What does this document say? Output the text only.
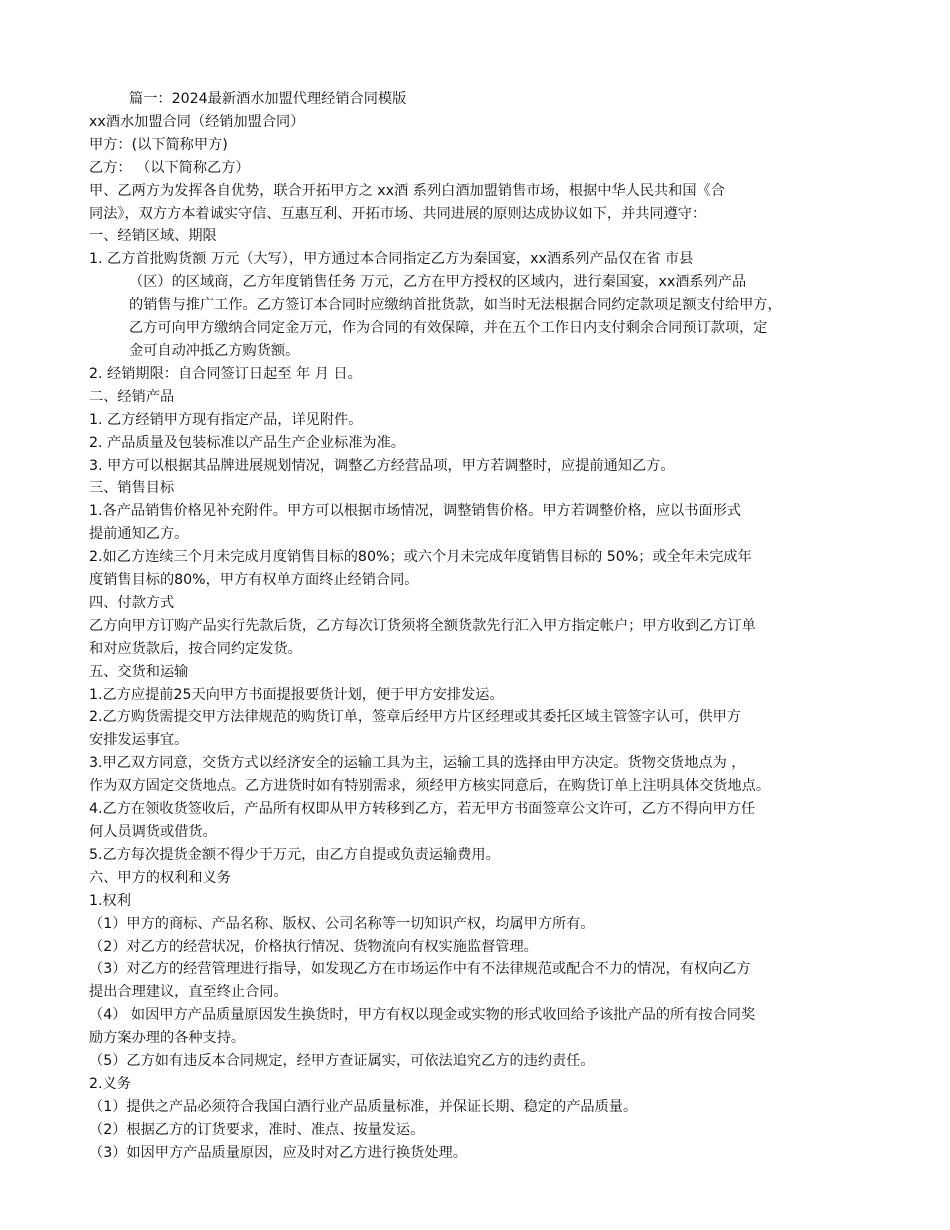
篇一：2024最新酒水加盟代理经销合同模版
xx酒水加盟合同（经销加盟合同）
甲方：(以下简称甲方)
乙方： （以下简称乙方）
甲、乙两方为发挥各自优势，联合开拓甲方之 xx酒 系列白酒加盟销售市场，根据中华人民共和国《合
同法》，双方方本着诚实守信、互惠互利、开拓市场、共同进展的原则达成协议如下，并共同遵守：
一、经销区域、期限
1. 乙方首批购货额 万元（大写），甲方通过本合同指定乙方为秦国宴，xx酒系列产品仅在省 市县
（区）的区域商，乙方年度销售任务 万元，乙方在甲方授权的区域内，进行秦国宴，xx酒系列产品
的销售与推广工作。乙方签订本合同时应缴纳首批货款，如当时无法根据合同约定款项足额支付给甲方，
乙方可向甲方缴纳合同定金万元，作为合同的有效保障，并在五个工作日内支付剩余合同预订款项，定
金可自动冲抵乙方购货额。
2. 经销期限：自合同签订日起至 年 月 日。
二、经销产品
1. 乙方经销甲方现有指定产品，详见附件。
2. 产品质量及包装标准以产品生产企业标准为准。
3. 甲方可以根据其品牌进展规划情况，调整乙方经营品项，甲方若调整时，应提前通知乙方。
三、销售目标
1.各产品销售价格见补充附件。甲方可以根据市场情况，调整销售价格。甲方若调整价格，应以书面形式
提前通知乙方。
2.如乙方连续三个月未完成月度销售目标的80%；或六个月未完成年度销售目标的 50%；或全年未完成年
度销售目标的80%，甲方有权单方面终止经销合同。
四、付款方式
乙方向甲方订购产品实行先款后货，乙方每次订货须将全额货款先行汇入甲方指定帐户；甲方收到乙方订单
和对应货款后，按合同约定发货。
五、交货和运输
1.乙方应提前25天向甲方书面提报要货计划，便于甲方安排发运。
2.乙方购货需提交甲方法律规范的购货订单，签章后经甲方片区经理或其委托区域主管签字认可，供甲方
安排发运事宜。
3.甲乙双方同意，交货方式以经济安全的运输工具为主，运输工具的选择由甲方决定。货物交货地点为 ，
作为双方固定交货地点。乙方进货时如有特别需求，须经甲方核实同意后，在购货订单上注明具体交货地点。
4.乙方在领收货签收后，产品所有权即从甲方转移到乙方，若无甲方书面签章公文许可，乙方不得向甲方任
何人员调货或借货。
5.乙方每次提货金额不得少于万元，由乙方自提或负责运输费用。
六、甲方的权利和义务
1.权利
（1）甲方的商标、产品名称、版权、公司名称等一切知识产权，均属甲方所有。
（2）对乙方的经营状况，价格执行情况、货物流向有权实施监督管理。
（3）对乙方的经营管理进行指导，如发现乙方在市场运作中有不法律规范或配合不力的情况，有权向乙方
提出合理建议，直至终止合同。
（4） 如因甲方产品质量原因发生换货时，甲方有权以现金或实物的形式收回给予该批产品的所有按合同奖
励方案办理的各种支持。
（5）乙方如有违反本合同规定，经甲方查证属实，可依法追究乙方的违约责任。
2.义务
（1）提供之产品必须符合我国白酒行业产品质量标准，并保证长期、稳定的产品质量。
（2）根据乙方的订货要求，准时、准点、按量发运。
（3）如因甲方产品质量原因，应及时对乙方进行换货处理。
